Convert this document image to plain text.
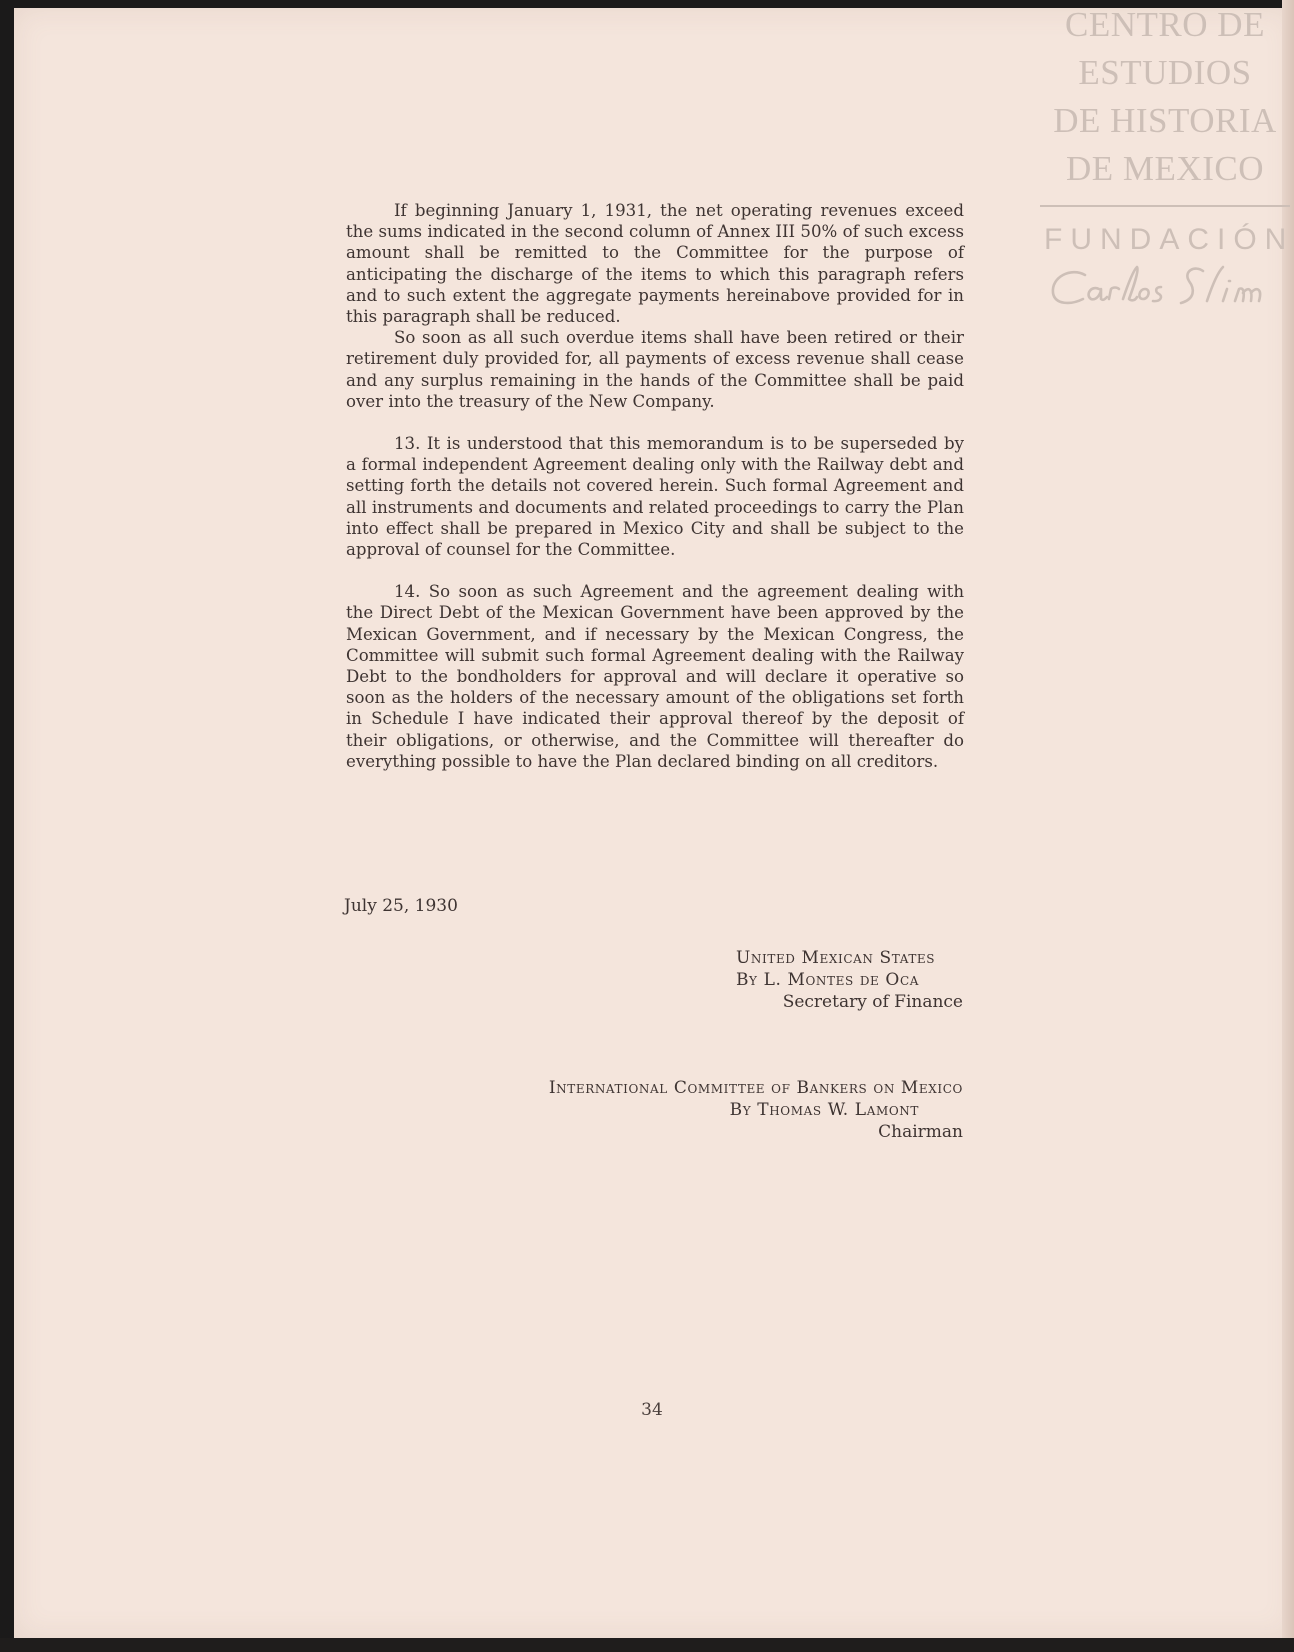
CENTRO DE
ESTUDIOS
DE HISTORIA
DE MEXICO
FUNDACIÓN

If beginning January 1, 1931, the net operating revenues exceed the sums indicated in the second column of Annex III 50% of such excess amount shall be remitted to the Committee for the purpose of anticipating the discharge of the items to which this paragraph refers and to such extent the aggregate payments hereinabove provided for in this paragraph shall be reduced.

So soon as all such overdue items shall have been retired or their retirement duly provided for, all payments of excess revenue shall cease and any surplus remaining in the hands of the Committee shall be paid over into the treasury of the New Company.

13. It is understood that this memorandum is to be superseded by a formal independent Agreement dealing only with the Railway debt and setting forth the details not covered herein. Such formal Agreement and all instruments and documents and related proceedings to carry the Plan into effect shall be prepared in Mexico City and shall be subject to the approval of counsel for the Committee.

14. So soon as such Agreement and the agreement dealing with the Direct Debt of the Mexican Government have been approved by the Mexican Government, and if necessary by the Mexican Congress, the Committee will submit such formal Agreement dealing with the Railway Debt to the bondholders for approval and will declare it operative so soon as the holders of the necessary amount of the obligations set forth in Schedule I have indicated their approval thereof by the deposit of their obligations, or otherwise, and the Committee will thereafter do everything possible to have the Plan declared binding on all creditors.

July 25, 1930
United Mexican States
By L. Montes de Oca
Secretary of Finance
International Committee of Bankers on Mexico
By Thomas W. Lamont
Chairman
34
